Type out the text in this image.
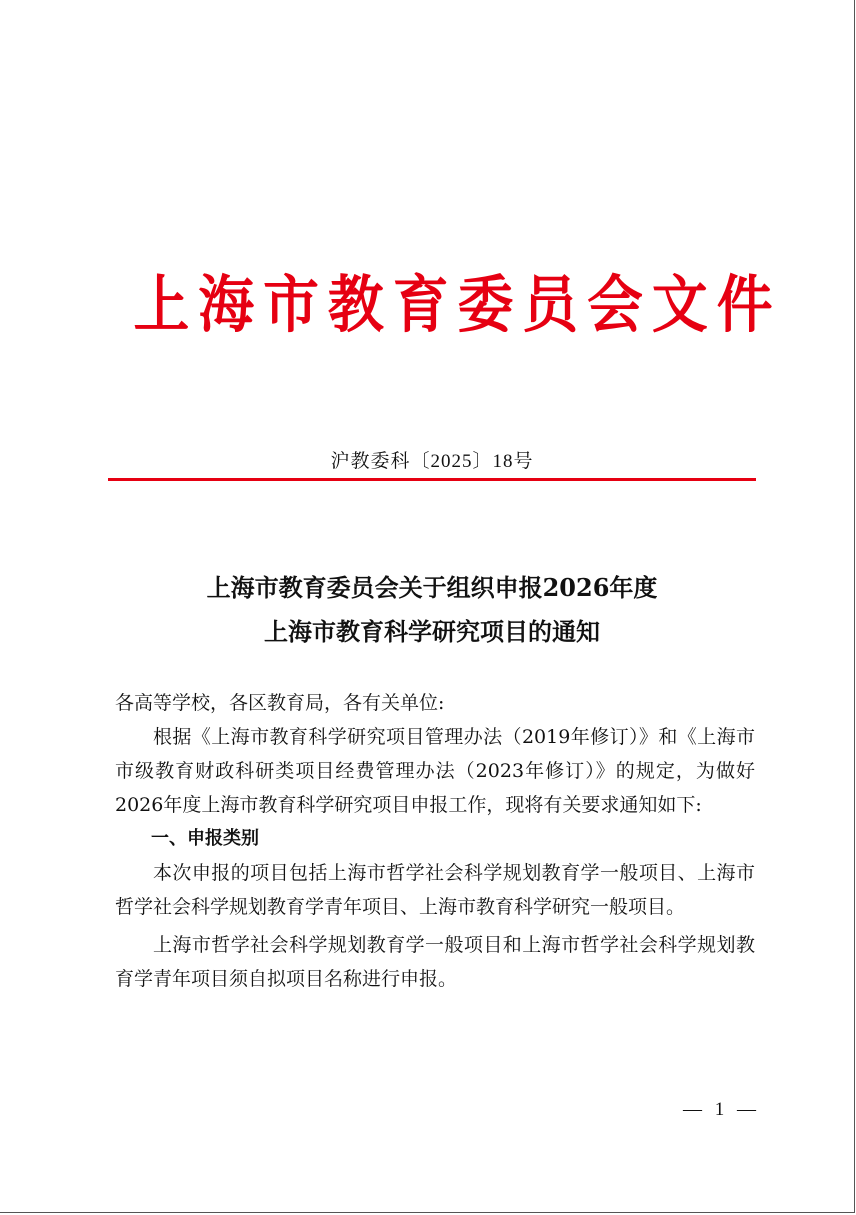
上海市教育委员会文件
沪教委科〔2025〕18号
上海市教育委员会关于组织申报2026年度
上海市教育科学研究项目的通知

各高等学校，各区教育局，各有关单位:

根据《上海市教育科学研究项目管理办法（2019年修订）》和《上海市市级教育财政科研类项目经费管理办法（2023年修订）》的规定，为做好2026年度上海市教育科学研究项目申报工作，现将有关要求通知如下:

一、申报类别

本次申报的项目包括上海市哲学社会科学规划教育学一般项目、上海市哲学社会科学规划教育学青年项目、上海市教育科学研究一般项目。

上海市哲学社会科学规划教育学一般项目和上海市哲学社会科学规划教育学青年项目须自拟项目名称进行申报。

— 1 —
